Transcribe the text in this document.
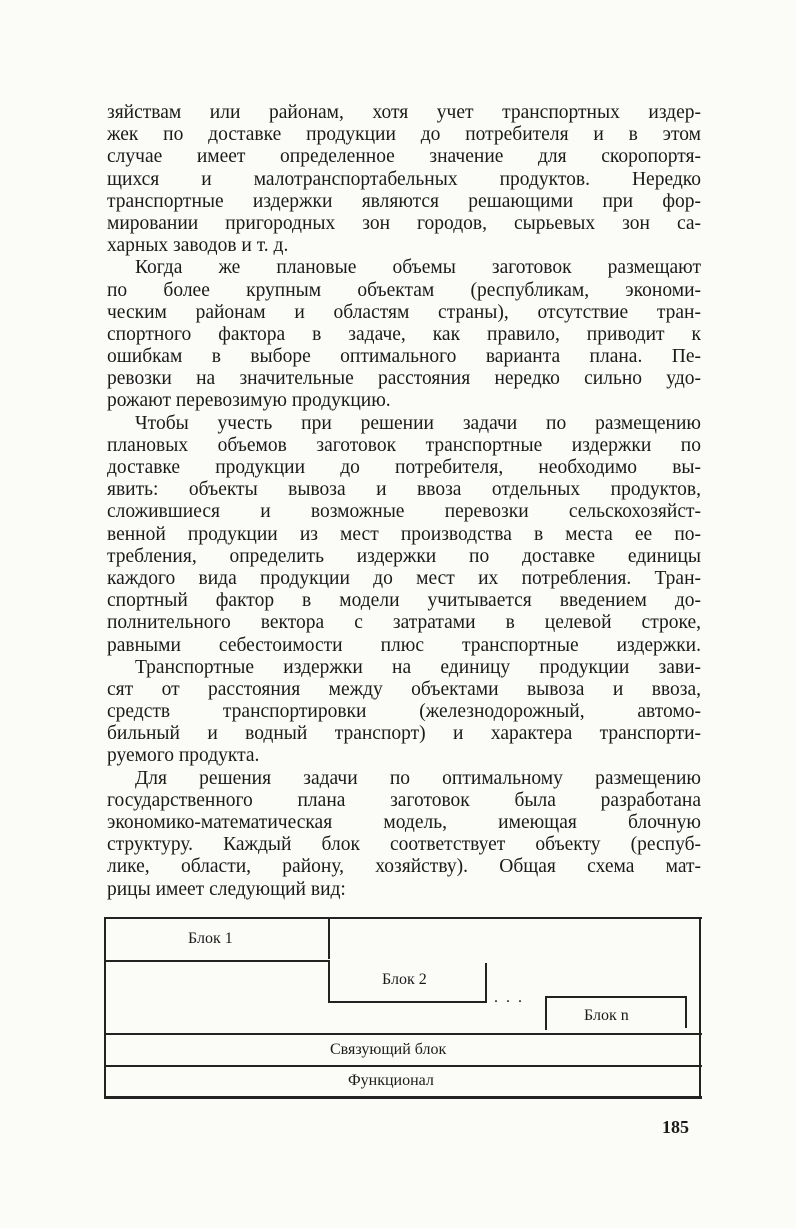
зяйствам или районам, хотя учет транспортных издер-
жек по доставке продукции до потребителя и в этом
случае имеет определенное значение для скоропортя-
щихся и малотранспортабельных продуктов. Нередко
транспортные издержки являются решающими при фор-
мировании пригородных зон городов, сырьевых зон са-
харных заводов и т. д.
Когда же плановые объемы заготовок размещают
по более крупным объектам (республикам, экономи-
ческим районам и областям страны), отсутствие тран-
спортного фактора в задаче, как правило, приводит к
ошибкам в выборе оптимального варианта плана. Пе-
ревозки на значительные расстояния нередко сильно удо-
рожают перевозимую продукцию.
Чтобы учесть при решении задачи по размещению
плановых объемов заготовок транспортные издержки по
доставке продукции до потребителя, необходимо вы-
явить: объекты вывоза и ввоза отдельных продуктов,
сложившиеся и возможные перевозки сельскохозяйст-
венной продукции из мест производства в места ее по-
требления, определить издержки по доставке единицы
каждого вида продукции до мест их потребления. Тран-
спортный фактор в модели учитывается введением до-
полнительного вектора с затратами в целевой строке,
равными себестоимости плюс транспортные издержки.
Транспортные издержки на единицу продукции зави-
сят от расстояния между объектами вывоза и ввоза,
средств транспортировки (железнодорожный, автомо-
бильный и водный транспорт) и характера транспорти-
руемого продукта.
Для решения задачи по оптимальному размещению
государственного плана заготовок была разработана
экономико-математическая модель, имеющая блочную
структуру. Каждый блок соответствует объекту (респуб-
лике, области, району, хозяйству). Общая схема мат-
рицы имеет следующий вид:
Блок 1
Блок 2
. . .
Блок n
Связующий блок
Функционал
185
